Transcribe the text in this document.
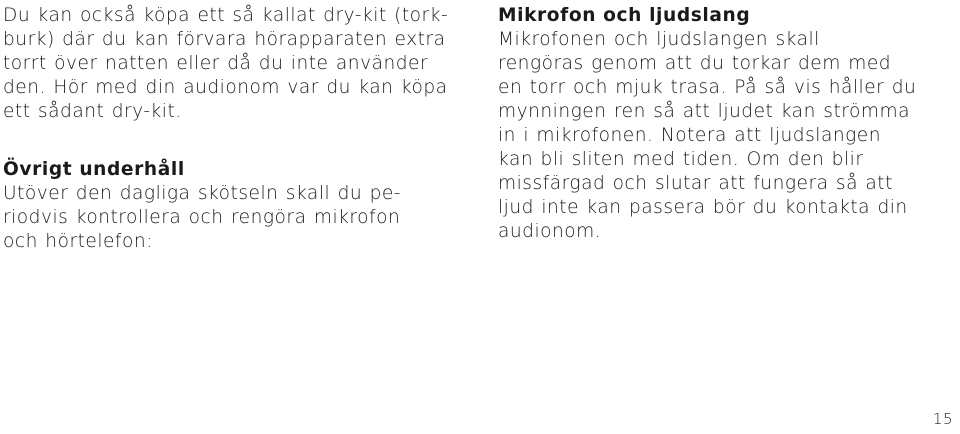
Du kan också köpa ett så kallat dry-kit (tork-
burk) där du kan förvara hörapparaten extra
torrt över natten eller då du inte använder
den. Hör med din audionom var du kan köpa
ett sådant dry-kit.

Övrigt underhåll

Utöver den dagliga skötseln skall du pe-
riodvis kontrollera och rengöra mikrofon
och hörtelefon:

Mikrofon och ljudslang

Mikrofonen och ljudslangen skall
rengöras genom att du torkar dem med
en torr och mjuk trasa. På så vis håller du
mynningen ren så att ljudet kan strömma
in i mikrofonen. Notera att ljudslangen
kan bli sliten med tiden. Om den blir
missfärgad och slutar att fungera så att
ljud inte kan passera bör du kontakta din
audionom.

15
